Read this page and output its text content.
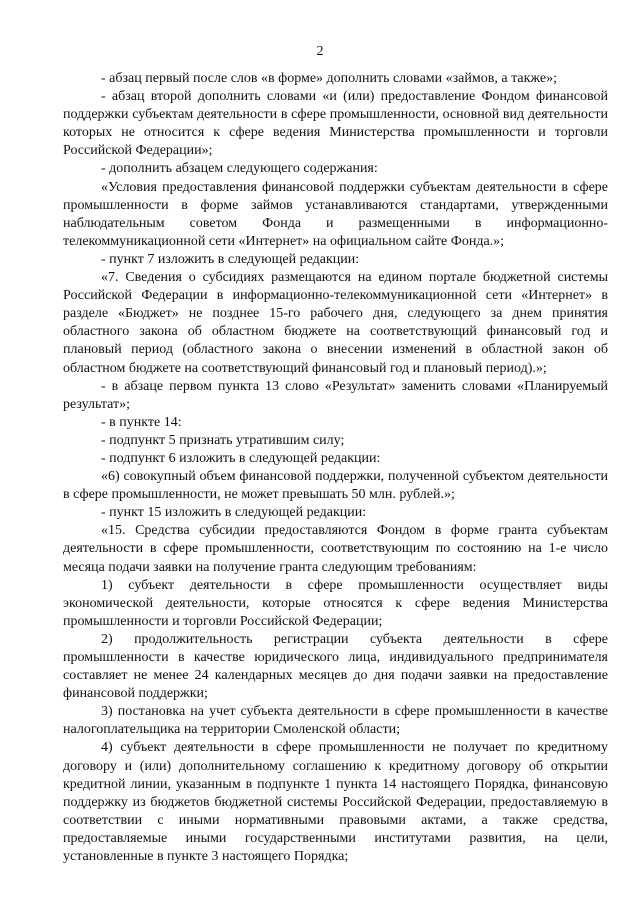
2

- абзац первый после слов «в форме» дополнить словами «займов, а также»;

- абзац второй дополнить словами «и (или) предоставление Фондом финансовой поддержки субъектам деятельности в сфере промышленности, основной вид деятельности которых не относится к сфере ведения Министерства промышленности и торговли Российской Федерации»;

- дополнить абзацем следующего содержания:

«Условия предоставления финансовой поддержки субъектам деятельности в сфере промышленности в форме займов устанавливаются стандартами, утвержденными наблюдательным советом Фонда и размещенными в информационно-телекоммуникационной сети «Интернет» на официальном сайте Фонда.»;

- пункт 7 изложить в следующей редакции:

«7. Сведения о субсидиях размещаются на едином портале бюджетной системы Российской Федерации в информационно-телекоммуникационной сети «Интернет» в разделе «Бюджет» не позднее 15-го рабочего дня, следующего за днем принятия областного закона об областном бюджете на соответствующий финансовый год и плановый период (областного закона о внесении изменений в областной закон об областном бюджете на соответствующий финансовый год и плановый период).»;

- в абзаце первом пункта 13 слово «Результат» заменить словами «Планируемый результат»;

- в пункте 14:

- подпункт 5 признать утратившим силу;

- подпункт 6 изложить в следующей редакции:

«6) совокупный объем финансовой поддержки, полученной субъектом деятельности в сфере промышленности, не может превышать 50 млн. рублей.»;

- пункт 15 изложить в следующей редакции:

«15. Средства субсидии предоставляются Фондом в форме гранта субъектам деятельности в сфере промышленности, соответствующим по состоянию на 1-е число месяца подачи заявки на получение гранта следующим требованиям:

1) субъект деятельности в сфере промышленности осуществляет виды экономической деятельности, которые относятся к сфере ведения Министерства промышленности и торговли Российской Федерации;

2) продолжительность регистрации субъекта деятельности в сфере промышленности в качестве юридического лица, индивидуального предпринимателя составляет не менее 24 календарных месяцев до дня подачи заявки на предоставление финансовой поддержки;

3) постановка на учет субъекта деятельности в сфере промышленности в качестве налогоплательщика на территории Смоленской области;

4) субъект деятельности в сфере промышленности не получает по кредитному договору и (или) дополнительному соглашению к кредитному договору об открытии кредитной линии, указанным в подпункте 1 пункта 14 настоящего Порядка, финансовую поддержку из бюджетов бюджетной системы Российской Федерации, предоставляемую в соответствии с иными нормативными правовыми актами, а также средства, предоставляемые иными государственными институтами развития, на цели, установленные в пункте 3 настоящего Порядка;
